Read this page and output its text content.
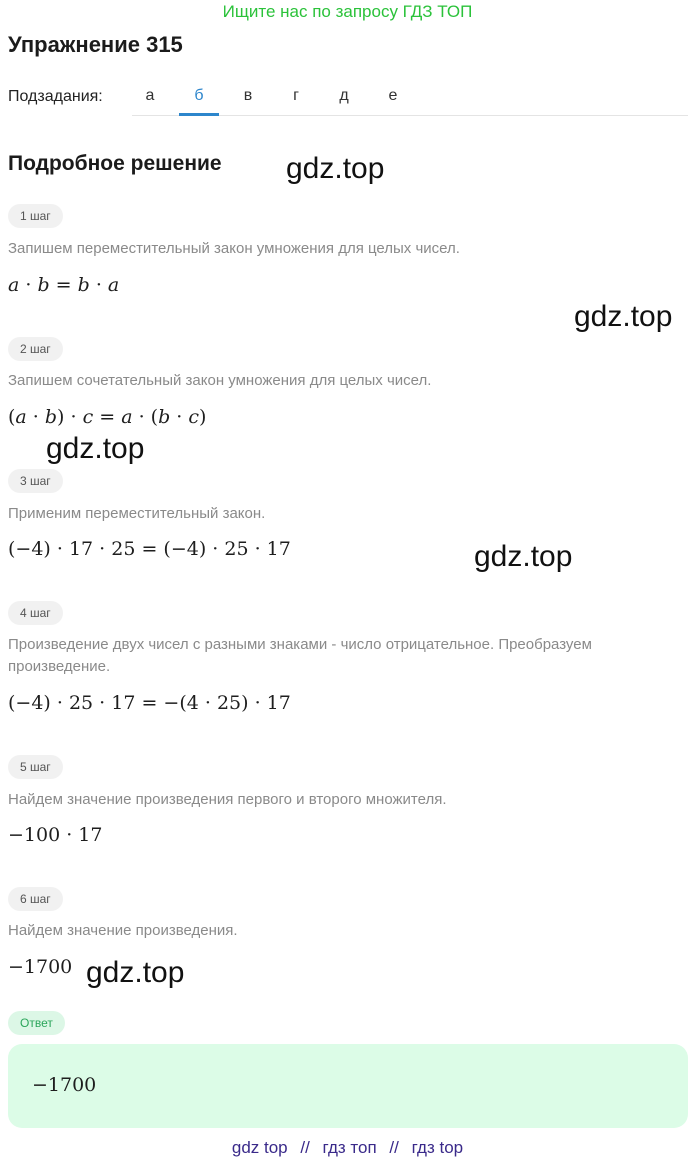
Ищите нас по запросу ГДЗ ТОП
Упражнение 315
Подзадания:	а	б	в	г	д	е
Подробное решение gdz.top
gdz.top
gdz.top
gdz.top
gdz.top
1 шаг
Запишем переместительный закон умножения для целых чисел.
a · b = b · a
2 шаг
Запишем сочетательный закон умножения для целых чисел.
(a · b) · c = a · (b · c)
3 шаг
Применим переместительный закон.
(−4) · 17 · 25 = (−4) · 25 · 17
4 шаг
Произведение двух чисел с разными знаками - число отрицательное. Преобразуем произведение.
(−4) · 25 · 17 = −(4 · 25) · 17
5 шаг
Найдем значение произведения первого и второго множителя.
−100 · 17
6 шаг
Найдем значение произведения.
−1700
Ответ
−1700
gdz top // гдз топ // гдз top
